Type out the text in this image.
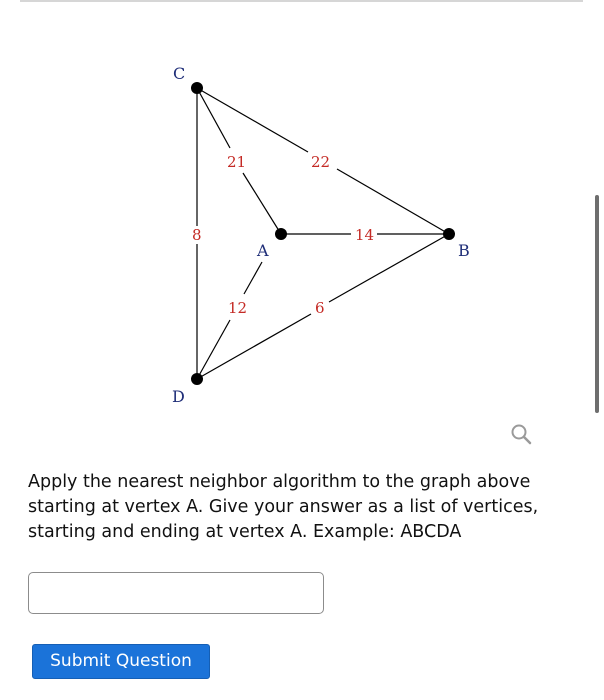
C
A	B
D
22
21
8	14
12	6
Apply the nearest neighbor algorithm to the graph above starting at vertex A. Give your answer as a list of vertices, starting and ending at vertex A. Example: ABCDA
Submit Question
